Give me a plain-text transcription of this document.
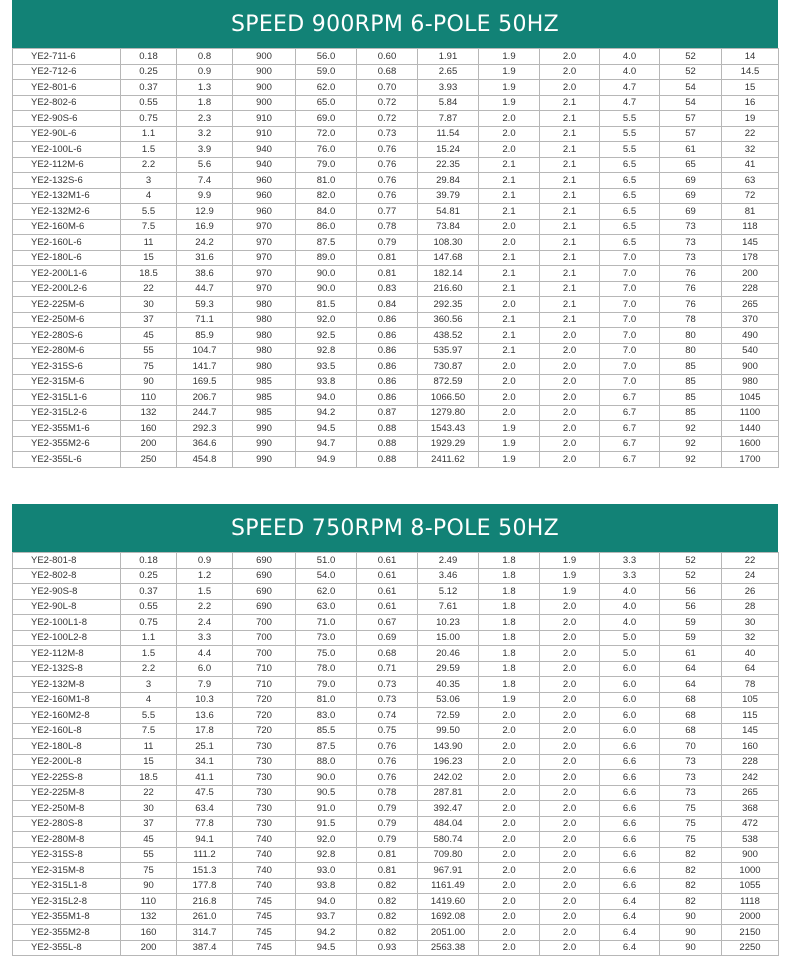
SPEED 900RPM 6-POLE 50HZ
YE2-711-6	0.18	0.8	900	56.0	0.60	1.91	1.9	2.0	4.0	52	14
YE2-712-6	0.25	0.9	900	59.0	0.68	2.65	1.9	2.0	4.0	52	14.5
YE2-801-6	0.37	1.3	900	62.0	0.70	3.93	1.9	2.0	4.7	54	15
YE2-802-6	0.55	1.8	900	65.0	0.72	5.84	1.9	2.1	4.7	54	16
YE2-90S-6	0.75	2.3	910	69.0	0.72	7.87	2.0	2.1	5.5	57	19
YE2-90L-6	1.1	3.2	910	72.0	0.73	11.54	2.0	2.1	5.5	57	22
YE2-100L-6	1.5	3.9	940	76.0	0.76	15.24	2.0	2.1	5.5	61	32
YE2-112M-6	2.2	5.6	940	79.0	0.76	22.35	2.1	2.1	6.5	65	41
YE2-132S-6	3	7.4	960	81.0	0.76	29.84	2.1	2.1	6.5	69	63
YE2-132M1-6	4	9.9	960	82.0	0.76	39.79	2.1	2.1	6.5	69	72
YE2-132M2-6	5.5	12.9	960	84.0	0.77	54.81	2.1	2.1	6.5	69	81
YE2-160M-6	7.5	16.9	970	86.0	0.78	73.84	2.0	2.1	6.5	73	118
YE2-160L-6	11	24.2	970	87.5	0.79	108.30	2.0	2.1	6.5	73	145
YE2-180L-6	15	31.6	970	89.0	0.81	147.68	2.1	2.1	7.0	73	178
YE2-200L1-6	18.5	38.6	970	90.0	0.81	182.14	2.1	2.1	7.0	76	200
YE2-200L2-6	22	44.7	970	90.0	0.83	216.60	2.1	2.1	7.0	76	228
YE2-225M-6	30	59.3	980	81.5	0.84	292.35	2.0	2.1	7.0	76	265
YE2-250M-6	37	71.1	980	92.0	0.86	360.56	2.1	2.1	7.0	78	370
YE2-280S-6	45	85.9	980	92.5	0.86	438.52	2.1	2.0	7.0	80	490
YE2-280M-6	55	104.7	980	92.8	0.86	535.97	2.1	2.0	7.0	80	540
YE2-315S-6	75	141.7	980	93.5	0.86	730.87	2.0	2.0	7.0	85	900
YE2-315M-6	90	169.5	985	93.8	0.86	872.59	2.0	2.0	7.0	85	980
YE2-315L1-6	110	206.7	985	94.0	0.86	1066.50	2.0	2.0	6.7	85	1045
YE2-315L2-6	132	244.7	985	94.2	0.87	1279.80	2.0	2.0	6.7	85	1100
YE2-355M1-6	160	292.3	990	94.5	0.88	1543.43	1.9	2.0	6.7	92	1440
YE2-355M2-6	200	364.6	990	94.7	0.88	1929.29	1.9	2.0	6.7	92	1600
YE2-355L-6	250	454.8	990	94.9	0.88	2411.62	1.9	2.0	6.7	92	1700
SPEED 750RPM 8-POLE 50HZ
YE2-801-8	0.18	0.9	690	51.0	0.61	2.49	1.8	1.9	3.3	52	22
YE2-802-8	0.25	1.2	690	54.0	0.61	3.46	1.8	1.9	3.3	52	24
YE2-90S-8	0.37	1.5	690	62.0	0.61	5.12	1.8	1.9	4.0	56	26
YE2-90L-8	0.55	2.2	690	63.0	0.61	7.61	1.8	2.0	4.0	56	28
YE2-100L1-8	0.75	2.4	700	71.0	0.67	10.23	1.8	2.0	4.0	59	30
YE2-100L2-8	1.1	3.3	700	73.0	0.69	15.00	1.8	2.0	5.0	59	32
YE2-112M-8	1.5	4.4	700	75.0	0.68	20.46	1.8	2.0	5.0	61	40
YE2-132S-8	2.2	6.0	710	78.0	0.71	29.59	1.8	2.0	6.0	64	64
YE2-132M-8	3	7.9	710	79.0	0.73	40.35	1.8	2.0	6.0	64	78
YE2-160M1-8	4	10.3	720	81.0	0.73	53.06	1.9	2.0	6.0	68	105
YE2-160M2-8	5.5	13.6	720	83.0	0.74	72.59	2.0	2.0	6.0	68	115
YE2-160L-8	7.5	17.8	720	85.5	0.75	99.50	2.0	2.0	6.0	68	145
YE2-180L-8	11	25.1	730	87.5	0.76	143.90	2.0	2.0	6.6	70	160
YE2-200L-8	15	34.1	730	88.0	0.76	196.23	2.0	2.0	6.6	73	228
YE2-225S-8	18.5	41.1	730	90.0	0.76	242.02	2.0	2.0	6.6	73	242
YE2-225M-8	22	47.5	730	90.5	0.78	287.81	2.0	2.0	6.6	73	265
YE2-250M-8	30	63.4	730	91.0	0.79	392.47	2.0	2.0	6.6	75	368
YE2-280S-8	37	77.8	730	91.5	0.79	484.04	2.0	2.0	6.6	75	472
YE2-280M-8	45	94.1	740	92.0	0.79	580.74	2.0	2.0	6.6	75	538
YE2-315S-8	55	111.2	740	92.8	0.81	709.80	2.0	2.0	6.6	82	900
YE2-315M-8	75	151.3	740	93.0	0.81	967.91	2.0	2.0	6.6	82	1000
YE2-315L1-8	90	177.8	740	93.8	0.82	1161.49	2.0	2.0	6.6	82	1055
YE2-315L2-8	110	216.8	745	94.0	0.82	1419.60	2.0	2.0	6.4	82	1118
YE2-355M1-8	132	261.0	745	93.7	0.82	1692.08	2.0	2.0	6.4	90	2000
YE2-355M2-8	160	314.7	745	94.2	0.82	2051.00	2.0	2.0	6.4	90	2150
YE2-355L-8	200	387.4	745	94.5	0.93	2563.38	2.0	2.0	6.4	90	2250
